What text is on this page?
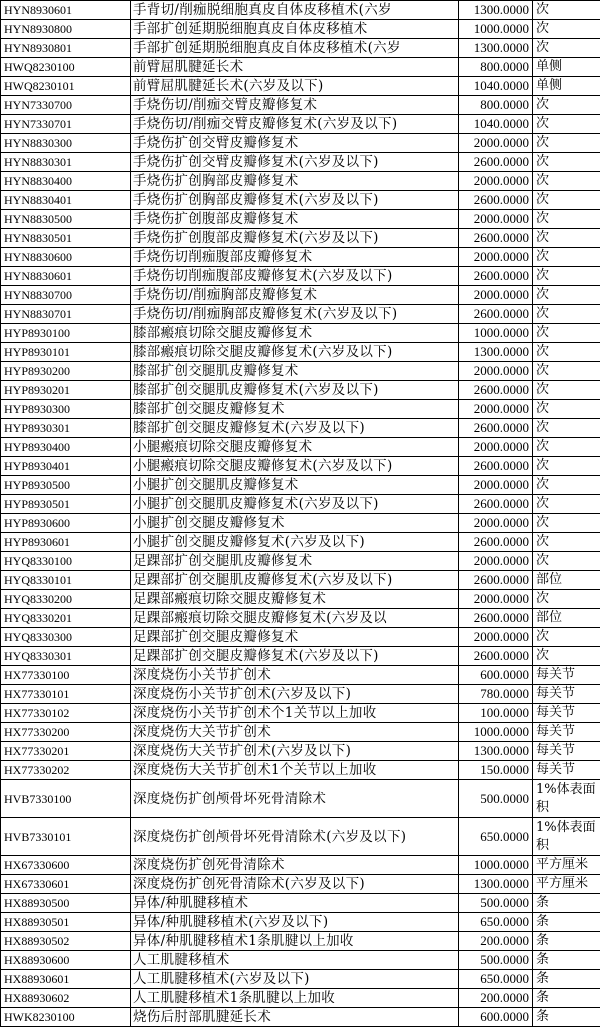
HYN8930601	手背切/削痂脱细胞真皮自体皮移植术(六岁	1300.0000	次
HYN8930800	手部扩创延期脱细胞真皮自体皮移植术	1000.0000	次
HYN8930801	手部扩创延期脱细胞真皮自体皮移植术(六岁	1300.0000	次
HWQ8230100	前臂屈肌腱延长术	800.0000	单侧
HWQ8230101	前臂屈肌腱延长术(六岁及以下)	1040.0000	单侧
HYN7330700	手烧伤切/削痂交臂皮瓣修复术	800.0000	次
HYN7330701	手烧伤切/削痂交臂皮瓣修复术(六岁及以下)	1040.0000	次
HYN8830300	手烧伤扩创交臂皮瓣修复术	2000.0000	次
HYN8830301	手烧伤扩创交臂皮瓣修复术(六岁及以下)	2600.0000	次
HYN8830400	手烧伤扩创胸部皮瓣修复术	2000.0000	次
HYN8830401	手烧伤扩创胸部皮瓣修复术(六岁及以下)	2600.0000	次
HYN8830500	手烧伤扩创腹部皮瓣修复术	2000.0000	次
HYN8830501	手烧伤扩创腹部皮瓣修复术(六岁及以下)	2600.0000	次
HYN8830600	手烧伤切削痂腹部皮瓣修复术	2000.0000	次
HYN8830601	手烧伤切削痂腹部皮瓣修复术(六岁及以下)	2600.0000	次
HYN8830700	手烧伤切/削痂胸部皮瓣修复术	2000.0000	次
HYN8830701	手烧伤切/削痂胸部皮瓣修复术(六岁及以下)	2600.0000	次
HYP8930100	膝部瘢痕切除交腿皮瓣修复术	1000.0000	次
HYP8930101	膝部瘢痕切除交腿皮瓣修复术(六岁及以下)	1300.0000	次
HYP8930200	膝部扩创交腿肌皮瓣修复术	2000.0000	次
HYP8930201	膝部扩创交腿肌皮瓣修复术(六岁及以下)	2600.0000	次
HYP8930300	膝部扩创交腿皮瓣修复术	2000.0000	次
HYP8930301	膝部扩创交腿皮瓣修复术(六岁及以下)	2600.0000	次
HYP8930400	小腿瘢痕切除交腿皮瓣修复术	2000.0000	次
HYP8930401	小腿瘢痕切除交腿皮瓣修复术(六岁及以下)	2600.0000	次
HYP8930500	小腿扩创交腿肌皮瓣修复术	2000.0000	次
HYP8930501	小腿扩创交腿肌皮瓣修复术(六岁及以下)	2600.0000	次
HYP8930600	小腿扩创交腿皮瓣修复术	2000.0000	次
HYP8930601	小腿扩创交腿皮瓣修复术(六岁及以下)	2600.0000	次
HYQ8330100	足踝部扩创交腿肌皮瓣修复术	2000.0000	次
HYQ8330101	足踝部扩创交腿肌皮瓣修复术(六岁及以下)	2600.0000	部位
HYQ8330200	足踝部瘢痕切除交腿皮瓣修复术	2000.0000	次
HYQ8330201	足踝部瘢痕切除交腿皮瓣修复术(六岁及以	2600.0000	部位
HYQ8330300	足踝部扩创交腿皮瓣修复术	2000.0000	次
HYQ8330301	足踝部扩创交腿皮瓣修复术(六岁及以下)	2600.0000	次
HX77330100	深度烧伤小关节扩创术	600.0000	每关节
HX77330101	深度烧伤小关节扩创术(六岁及以下)	780.0000	每关节
HX77330102	深度烧伤小关节扩创术个1关节以上加收	100.0000	每关节
HX77330200	深度烧伤大关节扩创术	1000.0000	每关节
HX77330201	深度烧伤大关节扩创术(六岁及以下)	1300.0000	每关节
HX77330202	深度烧伤大关节扩创术1个关节以上加收	150.0000	每关节
HVB7330100	深度烧伤扩创颅骨坏死骨清除术	500.0000	1%体表面积
HVB7330101	深度烧伤扩创颅骨坏死骨清除术(六岁及以下)	650.0000	1%体表面积
HX67330600	深度烧伤扩创死骨清除术	1000.0000	平方厘米
HX67330601	深度烧伤扩创死骨清除术(六岁及以下)	1300.0000	平方厘米
HX88930500	异体/种肌腱移植术	500.0000	条
HX88930501	异体/种肌腱移植术(六岁及以下)	650.0000	条
HX88930502	异体/种肌腱移植术1条肌腱以上加收	200.0000	条
HX88930600	人工肌腱移植术	500.0000	条
HX88930601	人工肌腱移植术(六岁及以下)	650.0000	条
HX88930602	人工肌腱移植术1条肌腱以上加收	200.0000	条
HWK8230100	烧伤后肘部肌腱延长术	600.0000	条
